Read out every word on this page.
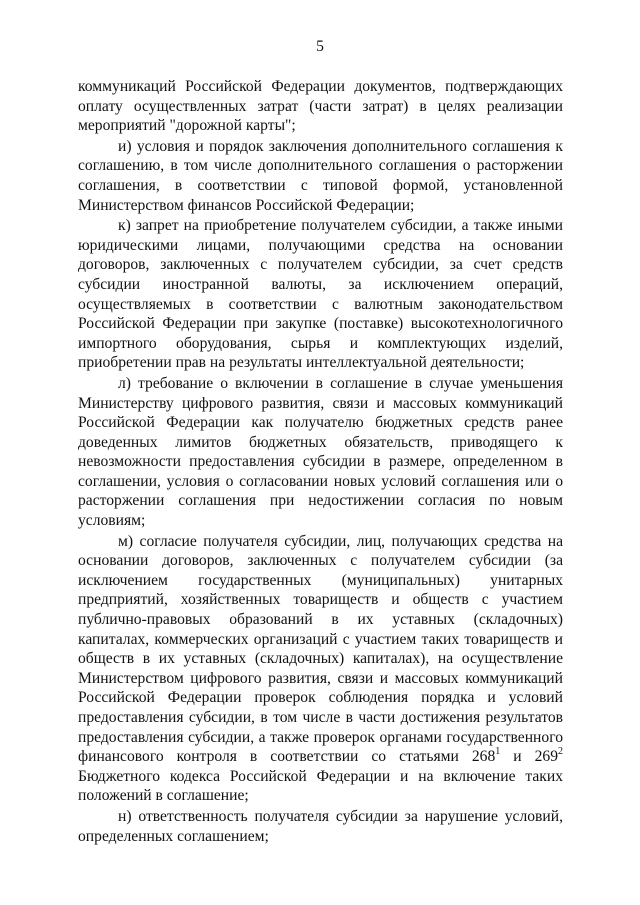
5

коммуникаций Российской Федерации документов, подтверждающих оплату осуществленных затрат (части затрат) в целях реализации мероприятий "дорожной карты";

и) условия и порядок заключения дополнительного соглашения к соглашению, в том числе дополнительного соглашения о расторжении соглашения, в соответствии с типовой формой, установленной Министерством финансов Российской Федерации;

к) запрет на приобретение получателем субсидии, а также иными юридическими лицами, получающими средства на основании договоров, заключенных с получателем субсидии, за счет средств субсидии иностранной валюты, за исключением операций, осуществляемых в соответствии с валютным законодательством Российской Федерации при закупке (поставке) высокотехнологичного импортного оборудования, сырья и комплектующих изделий, приобретении прав на результаты интеллектуальной деятельности;

л) требование о включении в соглашение в случае уменьшения Министерству цифрового развития, связи и массовых коммуникаций Российской Федерации как получателю бюджетных средств ранее доведенных лимитов бюджетных обязательств, приводящего к невозможности предоставления субсидии в размере, определенном в соглашении, условия о согласовании новых условий соглашения или о расторжении соглашения при недостижении согласия по новым условиям;

м) согласие получателя субсидии, лиц, получающих средства на основании договоров, заключенных с получателем субсидии (за исключением государственных (муниципальных) унитарных предприятий, хозяйственных товариществ и обществ с участием публично-правовых образований в их уставных (складочных) капиталах, коммерческих организаций с участием таких товариществ и обществ в их уставных (складочных) капиталах), на осуществление Министерством цифрового развития, связи и массовых коммуникаций Российской Федерации проверок соблюдения порядка и условий предоставления субсидии, в том числе в части достижения результатов предоставления субсидии, а также проверок органами государственного финансового контроля в соответствии со статьями $268^1$ и $269^2$ Бюджетного кодекса Российской Федерации и на включение таких положений в соглашение;

н) ответственность получателя субсидии за нарушение условий, определенных соглашением;
